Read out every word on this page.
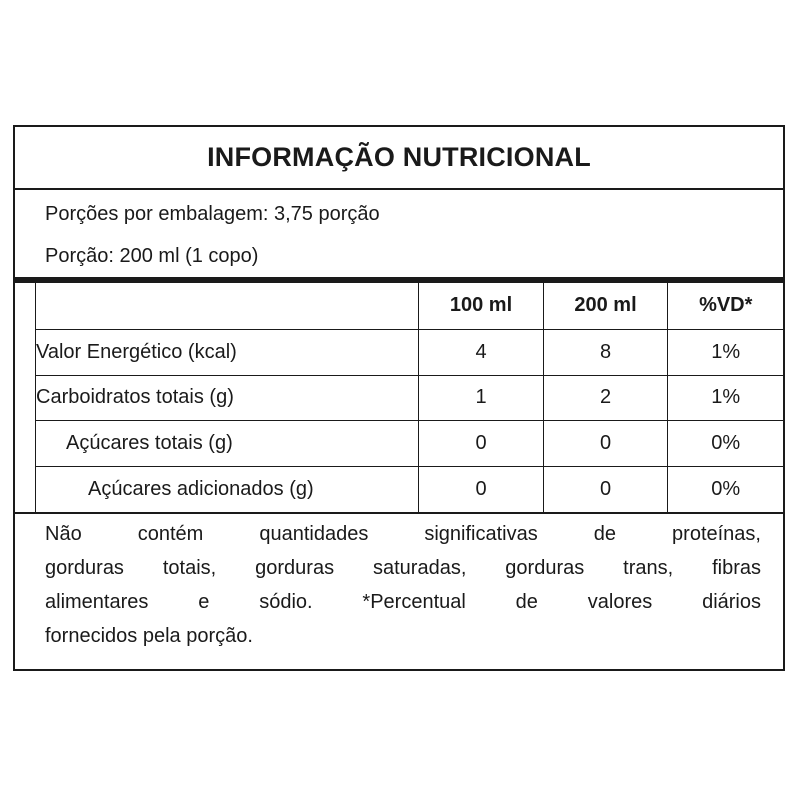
INFORMAÇÃO NUTRICIONAL
Porções por embalagem: 3,75 porção
Porção: 200 ml (1 copo)
	100 ml	200 ml	%VD*
Valor Energético (kcal)	4	8	1%
Carboidratos totais (g)	1	2	1%
Açúcares totais (g)	0	0	0%
Açúcares adicionados (g)	0	0	0%
Não contém quantidades significativas de proteínas,
gorduras totais, gorduras saturadas, gorduras trans, fibras
alimentares e sódio. *Percentual de valores diários
fornecidos pela porção.
